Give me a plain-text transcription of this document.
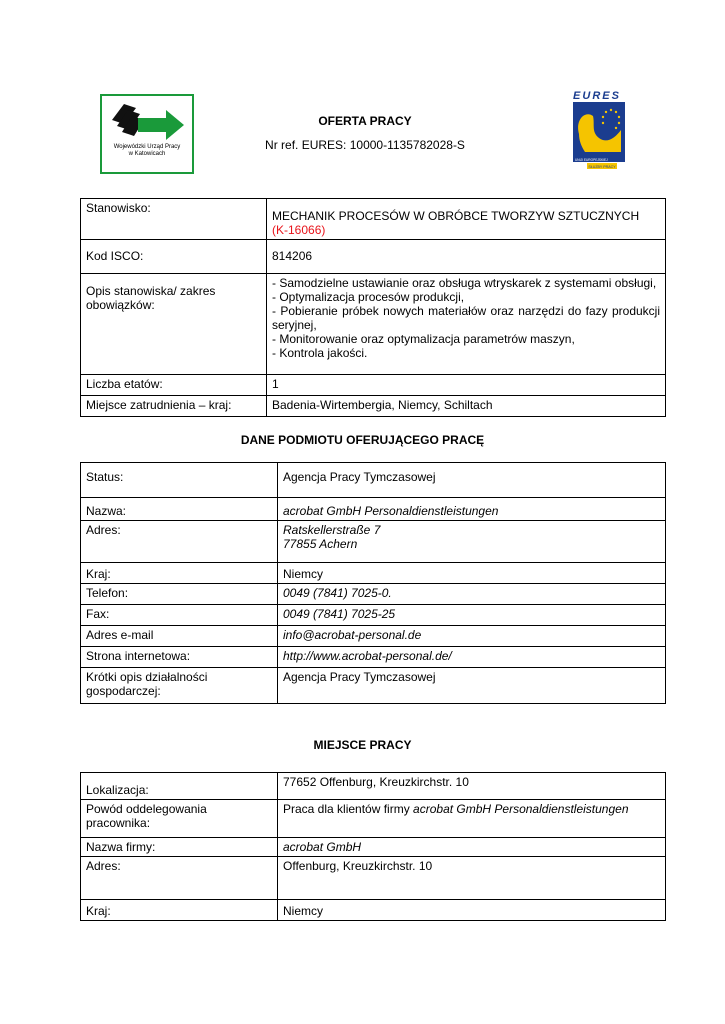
Wojewódzki Urząd Pracy
w Katowicach
OFERTA PRACY
Nr ref. EURES: 10000-1135782028-S
EURES
UNIJI EUROPEJSKIEJ
SŁUŻBY PRACY
Stanowisko:	MECHANIK PROCESÓW W OBRÓBCE TWORZYW SZTUCZNYCH
(K-16066)
Kod ISCO:	814206
Opis stanowiska/ zakres obowiązków:	- Samodzielne ustawianie oraz obsługa wtryskarek z systemami obsługi,
- Optymalizacja procesów produkcji,
- Pobieranie próbek nowych materiałów oraz narzędzi do fazy produkcji seryjnej,
- Monitorowanie oraz optymalizacja parametrów maszyn,
- Kontrola jakości.

Liczba etatów:	1
Miejsce zatrudnienia – kraj:	Badenia-Wirtembergia, Niemcy, Schiltach
DANE PODMIOTU OFERUJĄCEGO PRACĘ
Status:	Agencja Pracy Tymczasowej
Nazwa:	acrobat GmbH Personaldienstleistungen
Adres:	Ratskellerstraße 7
77855 Achern

Kraj:	Niemcy
Telefon:	0049 (7841) 7025-0.
Fax:	0049 (7841) 7025-25
Adres e-mail	info@acrobat-personal.de
Strona internetowa:	http://www.acrobat-personal.de/
Krótki opis działalności gospodarczej:	Agencja Pracy Tymczasowej
MIEJSCE PRACY
Lokalizacja:	77652 Offenburg, Kreuzkirchstr. 10
Powód oddelegowania pracownika:	Praca dla klientów firmy acrobat GmbH Personaldienstleistungen
Nazwa firmy:	acrobat GmbH
Adres:	Offenburg, Kreuzkirchstr. 10
Kraj:	Niemcy
